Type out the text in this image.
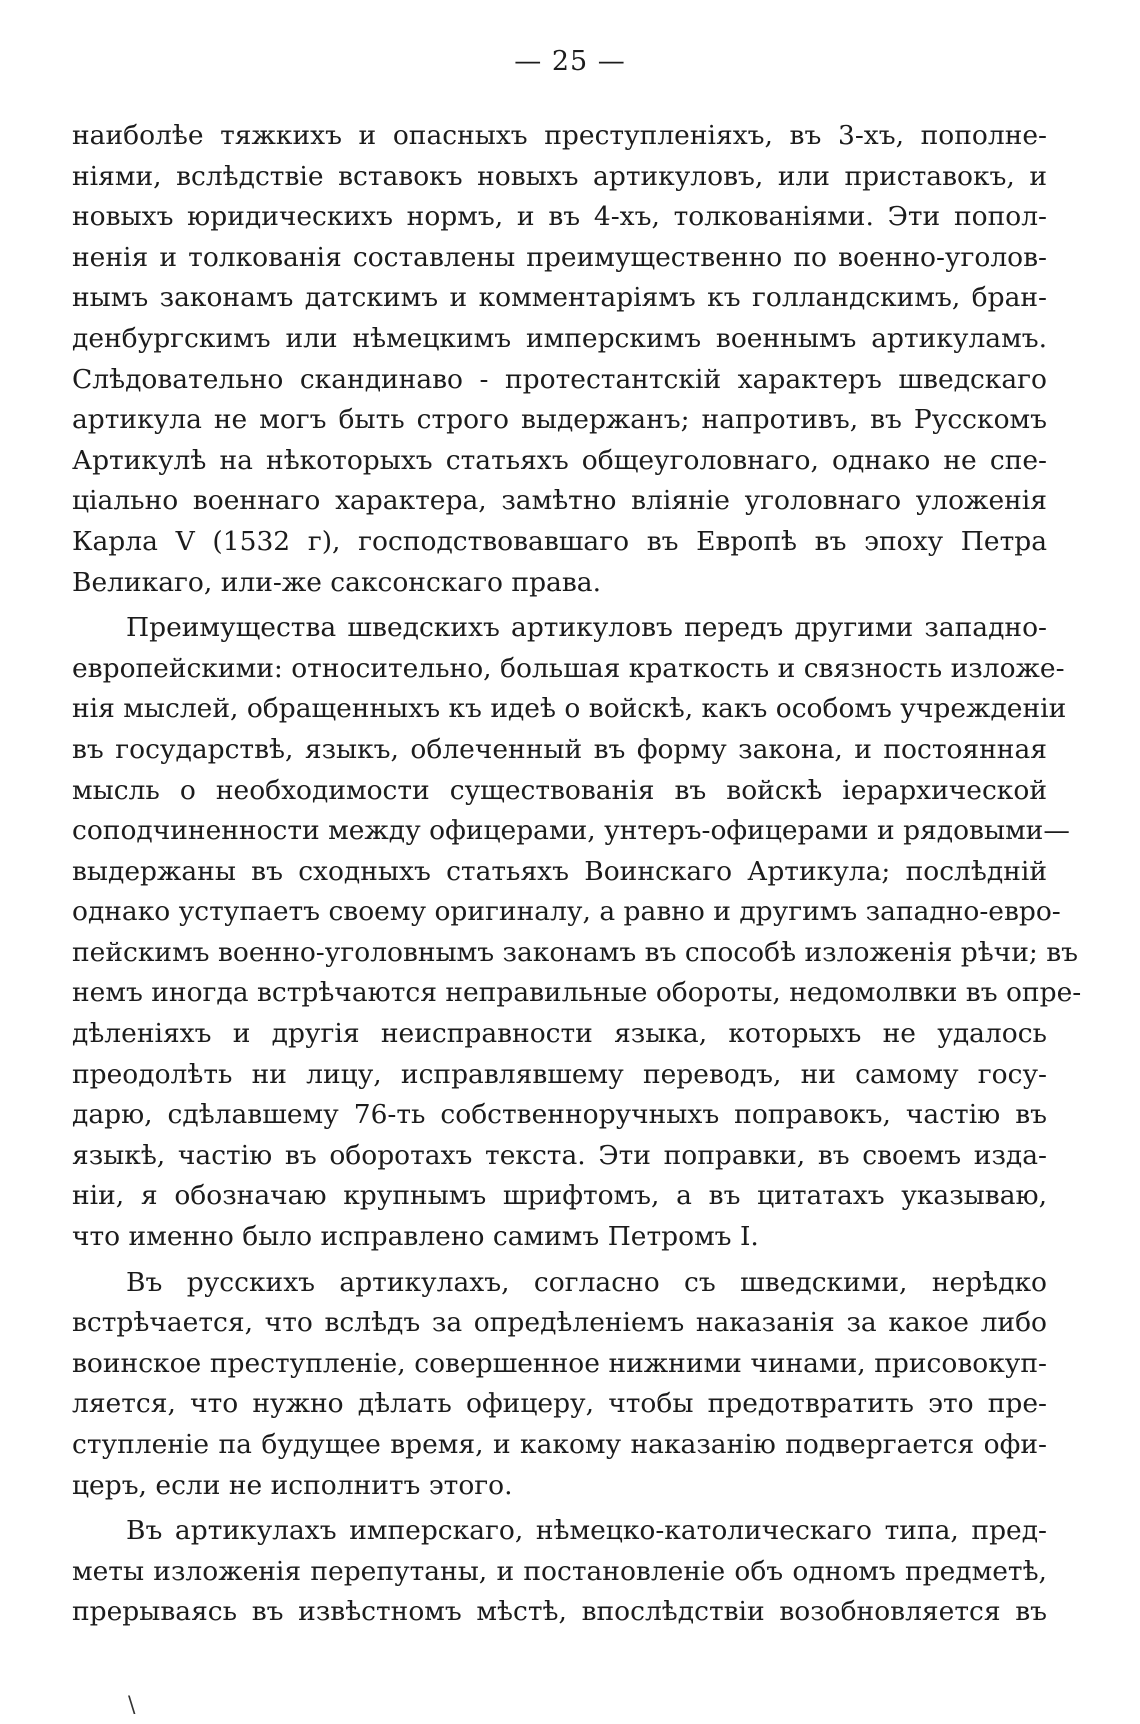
— 25 —
наиболѣе тяжкихъ и опасныхъ преступленіяхъ, въ 3-хъ, пополне-
ніями, вслѣдствіе вставокъ новыхъ артикуловъ, или приставокъ, и
новыхъ юридическихъ нормъ, и въ 4-хъ, толкованіями. Эти попол-
ненія и толкованія составлены преимущественно по военно-уголов-
нымъ законамъ датскимъ и комментаріямъ къ голландскимъ, бран-
денбургскимъ или нѣмецкимъ имперскимъ военнымъ артикуламъ.
Слѣдовательно скандинаво - протестантскій характеръ шведскаго
артикула не могъ быть строго выдержанъ; напротивъ, въ Русскомъ
Артикулѣ на нѣкоторыхъ статьяхъ общеуголовнаго, однако не спе-
ціально военнаго характера, замѣтно вліяніе уголовнаго уложенія
Карла V (1532 г), господствовавшаго въ Европѣ въ эпоху Петра
Великаго, или-же саксонскаго права.
Преимущества шведскихъ артикуловъ передъ другими западно-
европейскими: относительно, большая краткость и связность изложе-
нія мыслей, обращенныхъ къ идеѣ о войскѣ, какъ особомъ учрежденіи
въ государствѣ, языкъ, облеченный въ форму закона, и постоянная
мысль о необходимости существованія въ войскѣ іерархической
соподчиненности между офицерами, унтеръ-офицерами и рядовыми—
выдержаны въ сходныхъ статьяхъ Воинскаго Артикула; послѣдній
однако уступаетъ своему оригиналу, а равно и другимъ западно-евро-
пейскимъ военно-уголовнымъ законамъ въ способѣ изложенія рѣчи; въ
немъ иногда встрѣчаются неправильные обороты, недомолвки въ опре-
дѣленіяхъ и другія неисправности языка, которыхъ не удалось
преодолѣть ни лицу, исправлявшему переводъ, ни самому госу-
дарю, сдѣлавшему 76-ть собственноручныхъ поправокъ, частію въ
языкѣ, частію въ оборотахъ текста. Эти поправки, въ своемъ изда-
ніи, я обозначаю крупнымъ шрифтомъ, а въ цитатахъ указываю,
что именно было исправлено самимъ Петромъ I.
Въ русскихъ артикулахъ, согласно съ шведскими, нерѣдко
встрѣчается, что вслѣдъ за опредѣленіемъ наказанія за какое либо
воинское преступленіе, совершенное нижними чинами, присовокуп-
ляется, что нужно дѣлать офицеру, чтобы предотвратить это пре-
ступленіе па будущее время, и какому наказанію подвергается офи-
церъ, если не исполнитъ этого.
Въ артикулахъ имперскаго, нѣмецко-католическаго типа, пред-
меты изложенія перепутаны, и постановленіе объ одномъ предметѣ,
прерываясь въ извѣстномъ мѣстѣ, впослѣдствіи возобновляется въ
\
